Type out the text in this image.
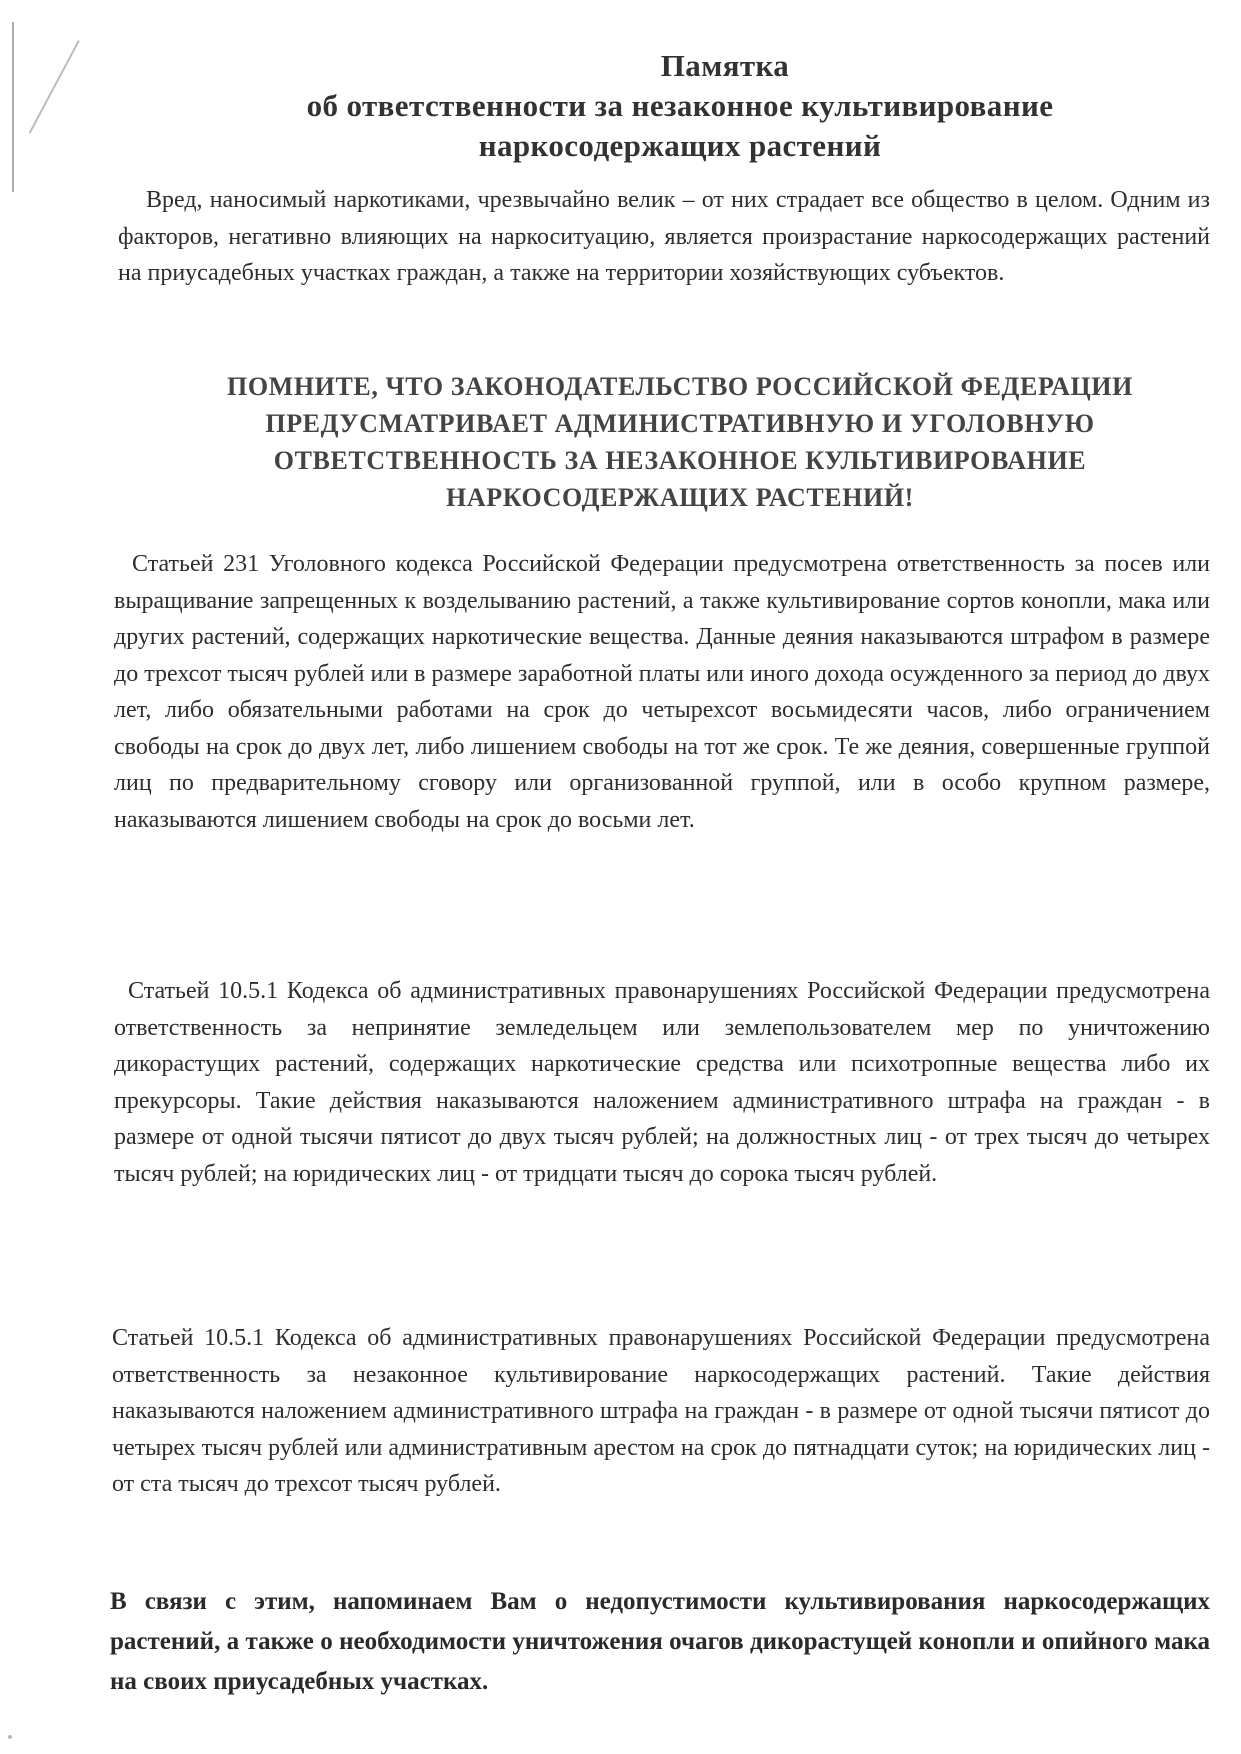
Памятка
об ответственности за незаконное культивирование
наркосодержащих растений

Вред, наносимый наркотиками, чрезвычайно велик – от них страдает все общество в целом. Одним из факторов, негативно влияющих на наркоситуацию, является произрастание наркосодержащих растений на приусадебных участках граждан, а также на территории хозяйствующих субъектов.

ПОМНИТЕ, ЧТО ЗАКОНОДАТЕЛЬСТВО РОССИЙСКОЙ ФЕДЕРАЦИИ ПРЕДУСМАТРИВАЕТ АДМИНИСТРАТИВНУЮ И УГОЛОВНУЮ ОТВЕТСТВЕННОСТЬ ЗА НЕЗАКОННОЕ КУЛЬТИВИРОВАНИЕ НАРКОСОДЕРЖАЩИХ РАСТЕНИЙ!

Статьей 231 Уголовного кодекса Российской Федерации предусмотрена ответственность за посев или выращивание запрещенных к возделыванию растений, а также культивирование сортов конопли, мака или других растений, содержащих наркотические вещества. Данные деяния наказываются штрафом в размере до трехсот тысяч рублей или в размере заработной платы или иного дохода осужденного за период до двух лет, либо обязательными работами на срок до четырехсот восьмидесяти часов, либо ограничением свободы на срок до двух лет, либо лишением свободы на тот же срок. Те же деяния, совершенные группой лиц по предварительному сговору или организованной группой, или в особо крупном размере, наказываются лишением свободы на срок до восьми лет.

Статьей 10.5.1 Кодекса об административных правонарушениях Российской Федерации предусмотрена ответственность за непринятие земледельцем или землепользователем мер по уничтожению дикорастущих растений, содержащих наркотические средства или психотропные вещества либо их прекурсоры. Такие действия наказываются наложением административного штрафа на граждан - в размере от одной тысячи пятисот до двух тысяч рублей; на должностных лиц - от трех тысяч до четырех тысяч рублей; на юридических лиц - от тридцати тысяч до сорока тысяч рублей.

Статьей 10.5.1 Кодекса об административных правонарушениях Российской Федерации предусмотрена ответственность за незаконное культивирование наркосодержащих растений. Такие действия наказываются наложением административного штрафа на граждан - в размере от одной тысячи пятисот до четырех тысяч рублей или административным арестом на срок до пятнадцати суток; на юридических лиц - от ста тысяч до трехсот тысяч рублей.

В связи с этим, напоминаем Вам о недопустимости культивирования наркосодержащих растений, а также о необходимости уничтожения очагов дикорастущей конопли и опийного мака на своих приусадебных участках.
